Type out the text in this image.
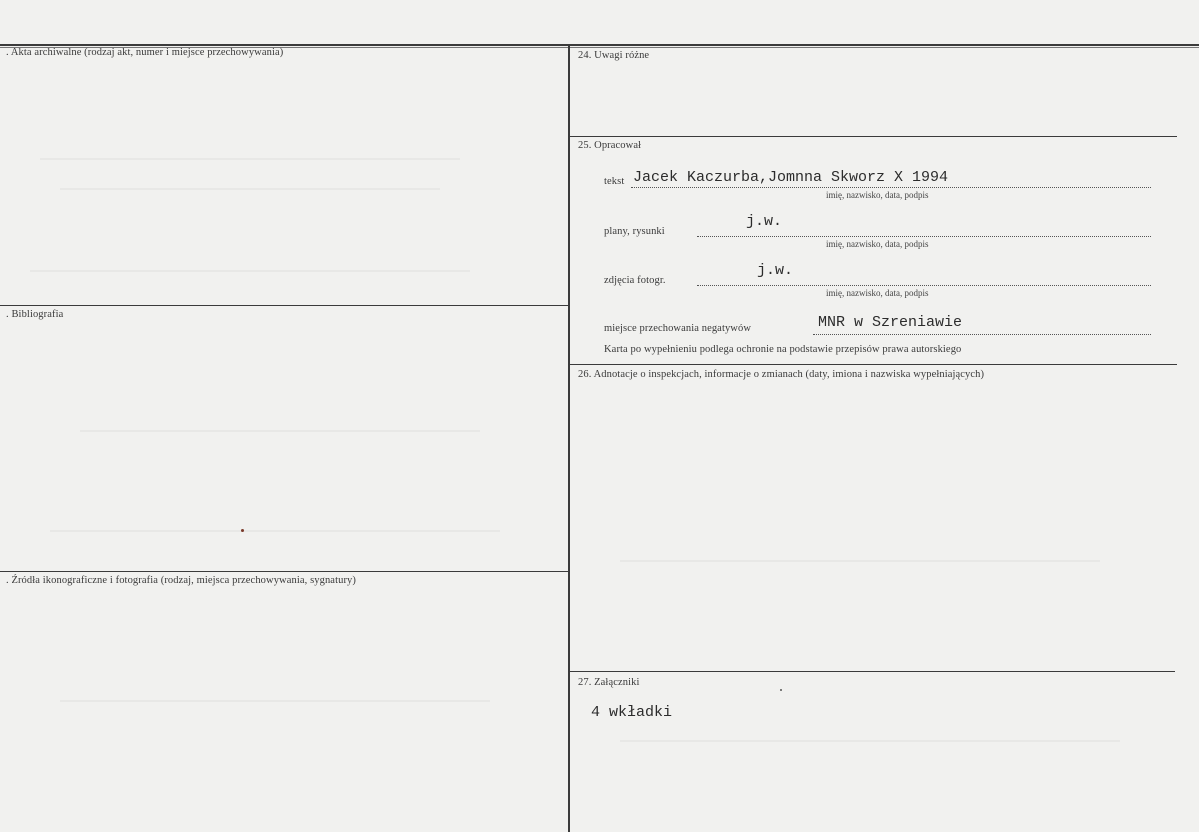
. Akta archiwalne (rodzaj akt, numer i miejsce przechowywania)
. Bibliografia
. Źródła ikonograficzne i fotografia (rodzaj, miejsca przechowywania, sygnatury)
24. Uwagi różne
25. Opracował
tekst Jacek Kaczurba,Jomnna Skworz X 1994
imię, nazwisko, data, podpis
plany, rysunki
j.w.
imię, nazwisko, data, podpis
zdjęcia fotogr.
j.w.
imię, nazwisko, data, podpis
miejsce przechowania negatywów	MNR w Szreniawie
Karta po wypełnieniu podlega ochronie na podstawie przepisów prawa autorskiego
26. Adnotacje o inspekcjach, informacje o zmianach (daty, imiona i nazwiska wypełniających)
27. Załączniki
4 wkładki
